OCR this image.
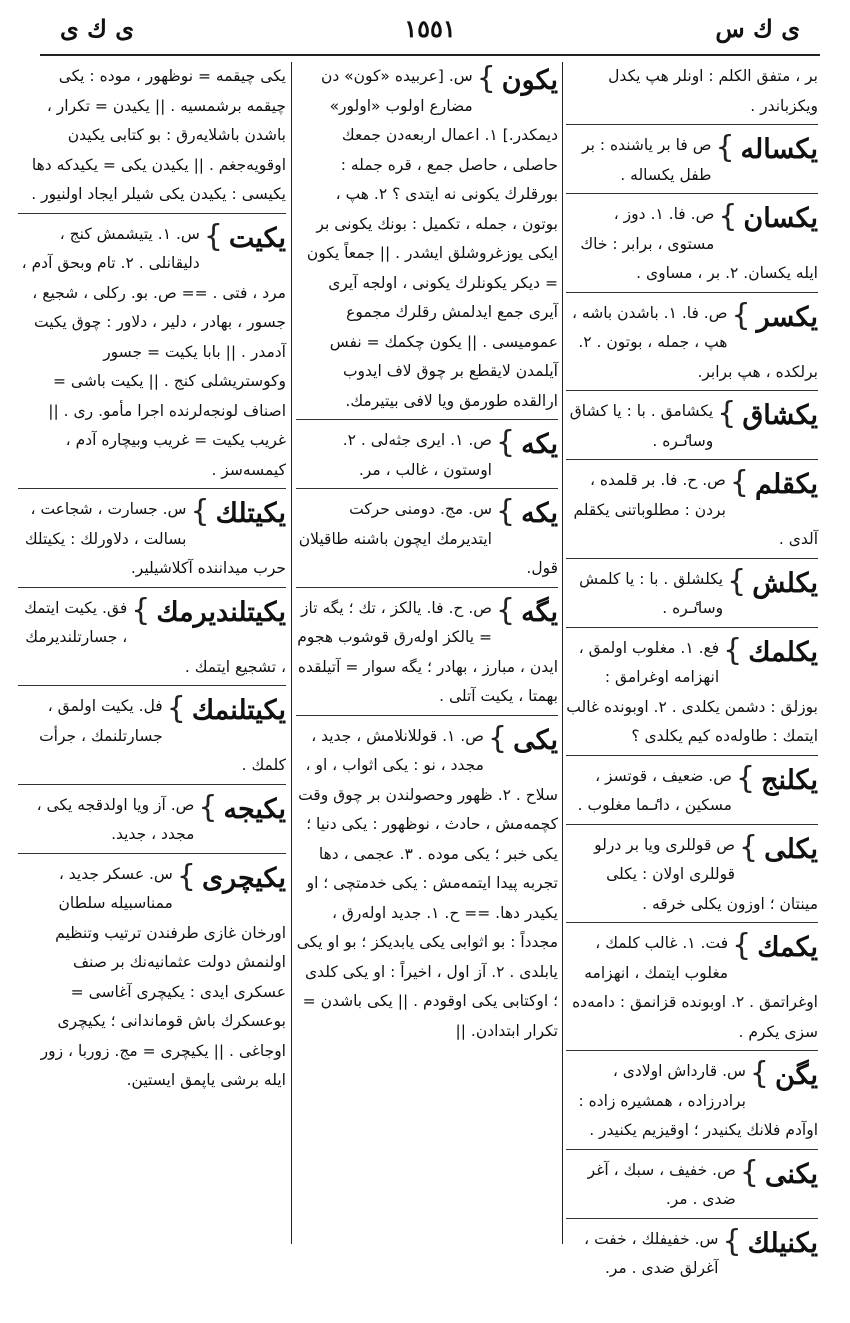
ی ك س
١٥٥١
ی ك ی
بر ، متفق الكلم : اونلر هپ یكدل ویكزباندر .
يكساله
}
ص فا بر یاشنده : بر طفل یكساله .
يكسان
}
ص. فا. ١. دوز ، مستوی ، برابر : خاك ايله يكسان. ٢. بر ، مساوی .
يكسر
}
ص. فا. ١. باشدن باشه ، هپ ، جمله ، بوتون . ٢. برلكده ، هپ برابر.
يكشاق
}
يكشامق . با : يا كشاق وساٸره .
يكقلم
}
ص. ح. فا. بر قلمده ، بردن : مطلوباتنی يكقلم آلدی .
يكلش
}
يكلشلق . با : يا كلمش وساٸره .
يكلمك
}
فع. ١. مغلوب اولمق ، انهزامه اوغرامق : بوزلق : دشمن يكلدی . ٢. اوبونده غالب ايتمك : طاولەدە كيم يكلدی ؟
يكلنج
}
ص. ضعيف ، قوتسز ، مسكين ، داٸما مغلوب .
يكلی
}
ص قوللری ويا بر درلو قوللری اولان : يكلی مينتان ؛ اوزون يكلی خرقه .
يكمك
}
فت. ١. غالب كلمك ، مغلوب ايتمك ، انهزامه اوغراتمق . ٢. اوبونده قزانمق : دامەدە سزی يكرم .
يگن
}
س. قارداش اولادی ، برادرزاده ، همشيره زاده : اوآدم فلانك يكنيدر ؛ اوقيزيم يكنيدر .
يكنی
}
ص. خفيف ، سبك ، آغر ضدی . مر.
يكنيلك
}
س. خفيفلك ، خفت ، آغرلق ضدی . مر.
يكون
}
س. [عربیده «كون» دن مضارع اولوب «اولور» ديمكدر.] ١. اعمال اربعەدن جمعك حاصلی ، حاصل جمع ، قره جمله : بورقلرك يكونی نه ايتدی ؟ ٢. هپ ، بوتون ، جمله ، تكميل : بونك يكونی بر ايكی يوزغروشلق ايشدر . || جمعاً يكون = ديكر يكونلرك يكونی ، اولجه آيری آيری جمع ايدلمش رقلرك مجموع عموميسی . || يكون چكمك = نفس آيلمدن لايقطع بر چوق لاف ايدوب ارالقده طورمق ويا لافی بيتيرمك.
يكه
}
ص. ١. ايری جثەلی . ٢. اوستون ، غالب ، مر.
يكه
}
س. مج. دومنی حركت ايتديرمك ايچون باشنه طاقيلان قول.
يگه
}
ص. ح. فا. يالكز ، تك ؛ يگه تاز = يالكز اولەرق قوشوب هجوم ايدن ، مبارز ، بهادر ؛ يگه سوار = آتيلقده بهمتا ، يكيت آتلی .
يكی
}
ص. ١. قوللانلامش ، جديد ، مجدد ، نو : يكی اثواب ، او ، سلاح . ٢. ظهور وحصولندن بر چوق وقت كچمەمش ، حادث ، نوظهور : يكی دنيا ؛ يكی خبر ؛ يكی موده . ٣. عجمی ، دها تجربه پيدا ايتمەمش : يكی خدمتچی ؛ او يكيدر دها. == ح. ١. جديد اولەرق ، مجدداً : بو اثوابی يكی يابديكز ؛ بو او يكی يابلدی . ٢. آز اول ، اخيراً : او يكی كلدی ؛ اوكتابی يكی اوقودم . || يكی باشدن = تكرار ابتدادن. ||
يكی چيقمه = نوظهور ، موده : يكی چيقمه برشمسيه . || يكيدن = تكرار ، باشدن باشلايەرق : بو كتابی يكيدن اوقويەجغم . || يكيدن يكی = يكيدكه دها يكيسی : يكيدن يكی شيلر ايجاد اولنيور .
يكيت
}
س. ١. يتيشمش كنج ، دليقانلی . ٢. تام وبحق آدم ، مرد ، فتی . == ص. بو. ركلی ، شجيع ، جسور ، بهادر ، دلير ، دلاور : چوق يكيت آدمدر . || بابا يكيت = جسور وكوستريشلی كنج . || يكيت باشی = اصناف لونجەلرنده اجرا مأمو. ری . || غريب يكيت = غريب وبيچاره آدم ، كيمسەسز .
يكيتلك
}
س. جسارت ، شجاعت ، بسالت ، دلاورلك : يكيتلك حرب ميداننده آكلاشيلير.
يكيتلنديرمك
}
فق. يكيت ايتمك ، جسارتلنديرمك ، تشجيع ايتمك .
يكيتلنمك
}
فل. يكيت اولمق ، جسارتلنمك ، جرأت كلمك .
يكيجه
}
ص. آز ويا اولدقجه يكی ، مجدد ، جديد.
يكيچری
}
س. عسكر جديد ، ممناسبيلە سلطان اورخان غازی طرفندن ترتيب وتنظيم اولنمش دولت عثمانيەنك بر صنف عسكری ايدی : يكيچری آغاسی = بوعسكرك باش قوماندانی ؛ يكيچری اوجاغی . || يكيچری = مج. زوربا ، زور ايله برشی ياپمق ايستين.
